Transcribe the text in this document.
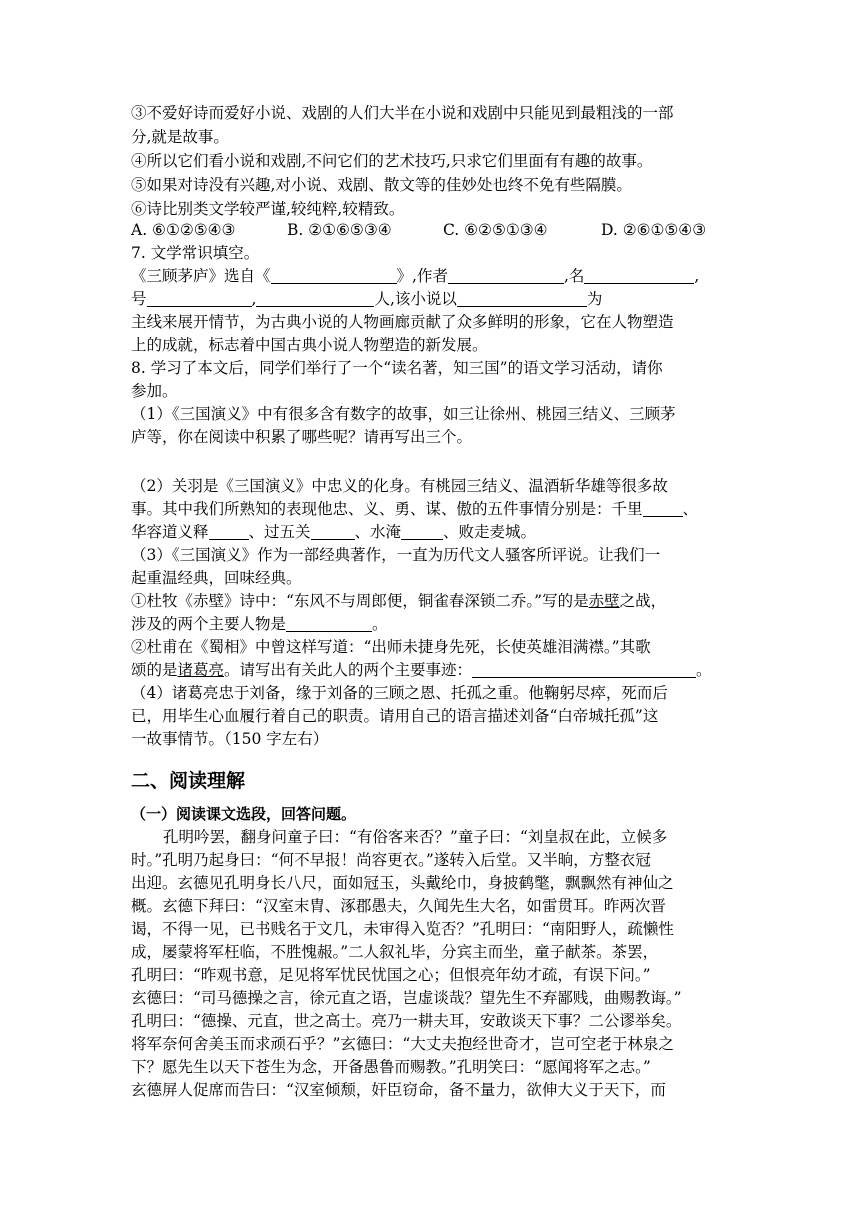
③不爱好诗而爱好小说、戏剧的人们大半在小说和戏剧中只能见到最粗浅的一部
分,就是故事。
④所以它们看小说和戏剧,不问它们的艺术技巧,只求它们里面有有趣的故事。
⑤如果对诗没有兴趣,对小说、戏剧、散文等的佳妙处也终不免有些隔膜。
⑥诗比别类文学较严谨,较纯粹,较精致。
A. ⑥①②⑤④③	B. ②①⑥⑤③④	C. ⑥②⑤①③④	D. ②⑥①⑤④③
7. 文学常识填空。
《三顾茅庐》选自《	》,作者	,名	,
号	,	人,该小说以	为
主线来展开情节，为古典小说的人物画廊贡献了众多鲜明的形象，它在人物塑造
上的成就，标志着中国古典小说人物塑造的新发展。
8. 学习了本文后，同学们举行了一个“读名著，知三国”的语文学习活动，请你
参加。
（1）《三国演义》中有很多含有数字的故事，如三让徐州、桃园三结义、三顾茅
庐等，你在阅读中积累了哪些呢？请再写出三个。
（2）关羽是《三国演义》中忠义的化身。有桃园三结义、温酒斩华雄等很多故
事。其中我们所熟知的表现他忠、义、勇、谋、傲的五件事情分别是：千里	、
华容道义释	、过五关	、水淹	、败走麦城。
（3）《三国演义》作为一部经典著作，一直为历代文人骚客所评说。让我们一
起重温经典，回味经典。
①杜牧《赤壁》诗中：“东风不与周郎便，铜雀春深锁二乔。”写的是赤壁之战，
涉及的两个主要人物是	。
②杜甫在《蜀相》中曾这样写道：“出师未捷身先死，长使英雄泪满襟。”其歌
颂的是诸葛亮。请写出有关此人的两个主要事迹：	。
（4）诸葛亮忠于刘备，缘于刘备的三顾之恩、托孤之重。他鞠躬尽瘁，死而后
已，用毕生心血履行着自己的职责。请用自己的语言描述刘备“白帝城托孤”这
一故事情节。（150 字左右）
二、阅读理解
（一）阅读课文选段，回答问题。
孔明吟罢，翻身问童子曰：“有俗客来否？”童子曰：“刘皇叔在此，立候多
时。”孔明乃起身曰：“何不早报！尚容更衣。”遂转入后堂。又半晌，方整衣冠
出迎。玄德见孔明身长八尺，面如冠玉，头戴纶巾，身披鹤氅，飘飘然有神仙之
概。玄德下拜曰：“汉室末胄、涿郡愚夫，久闻先生大名，如雷贯耳。昨两次晋
谒，不得一见，已书贱名于文几，未审得入览否？”孔明曰：“南阳野人，疏懒性
成，屡蒙将军枉临，不胜愧赧。”二人叙礼毕，分宾主而坐，童子献茶。茶罢，
孔明曰：“昨观书意，足见将军忧民忧国之心；但恨亮年幼才疏，有误下问。”
玄德曰：“司马德操之言，徐元直之语，岂虚谈哉？望先生不弃鄙贱，曲赐教诲。”
孔明曰：“德操、元直，世之高士。亮乃一耕夫耳，安敢谈天下事？二公谬举矣。
将军奈何舍美玉而求顽石乎？”玄德曰：“大丈夫抱经世奇才，岂可空老于林泉之
下？愿先生以天下苍生为念，开备愚鲁而赐教。”孔明笑曰：“愿闻将军之志。”
玄德屏人促席而告曰：“汉室倾颓，奸臣窃命，备不量力，欲伸大义于天下，而
